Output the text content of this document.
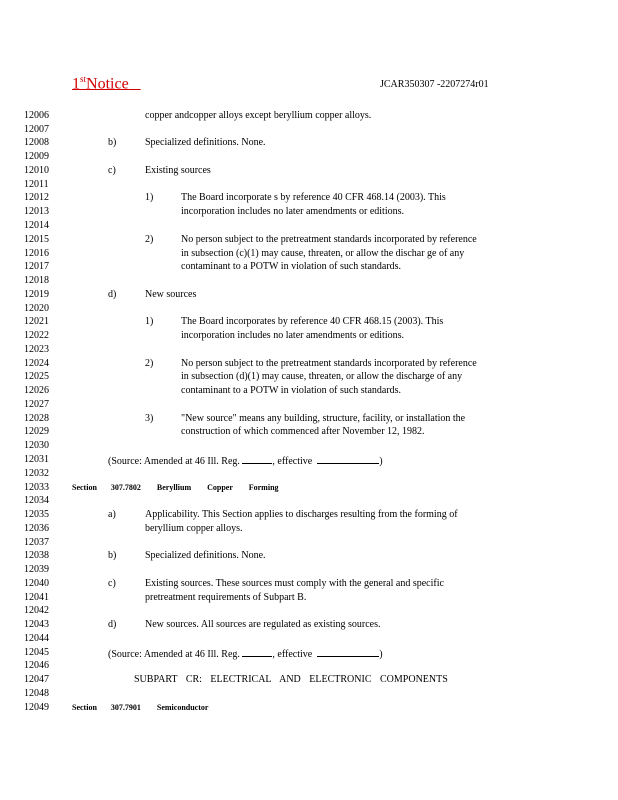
1stNotice	JCAR350307 -2207274r01
12006
12007
12008
12009
12010
12011
12012
12013
12014
12015
12016
12017
12018
12019
12020
12021
12022
12023
12024
12025
12026
12027
12028
12029
12030
12031
12032
12033
12034
12035
12036
12037
12038
12039
12040
12041
12042
12043
12044
12045
12046
12047
12048
12049
copper andcopper alloys except beryllium copper alloys.
b)	Specialized definitions. None.
c)	Existing sources
1)	The Board incorporate s by reference 40 CFR 468.14 (2003). This
incorporation includes no later amendments or editions.
2)	No person subject to the pretreatment standards incorporated by reference
in subsection (c)(1) may cause, threaten, or allow the dischar ge of any
contaminant to a POTW in violation of such standards.
d)	New sources
1)	The Board incorporates by reference 40 CFR 468.15 (2003). This
incorporation includes no later amendments or editions.
2)	No person subject to the pretreatment standards incorporated by reference
in subsection (d)(1) may cause, threaten, or allow the discharge of any
contaminant to a POTW in violation of such standards.
3)	"New source" means any building, structure, facility, or installation the
construction of which commenced after November 12, 1982.
(Source: Amended at 46 Ill. Reg.	, effective	)
Section 307.7802 Beryllium Copper Forming
a)	Applicability. This Section applies to discharges resulting from the forming of
beryllium copper alloys.
b)	Specialized definitions. None.
c)	Existing sources. These sources must comply with the general and specific
pretreatment requirements of Subpart B.
d)	New sources. All sources are regulated as existing sources.
(Source: Amended at 46 Ill. Reg.	, effective	)
SUBPART CR: ELECTRICAL AND ELECTRONIC COMPONENTS
Section 307.7901 Semiconductor
